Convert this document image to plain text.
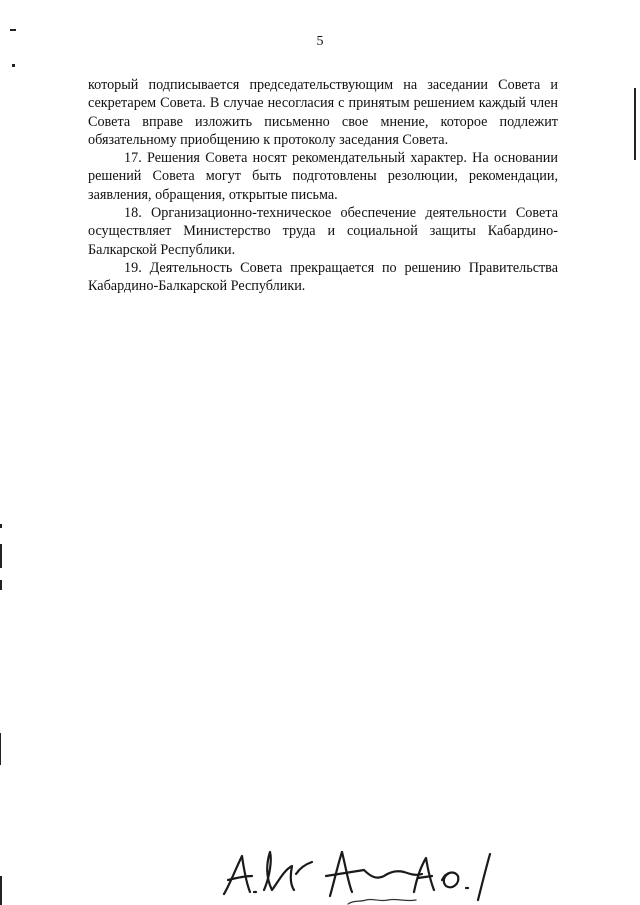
5

который подписывается председательствующим на заседании Совета и секретарем Совета. В случае несогласия с принятым решением каждый член Совета вправе изложить письменно свое мнение, которое подлежит обязательному приобщению к протоколу заседания Совета.

17. Решения Совета носят рекомендательный характер. На основании решений Совета могут быть подготовлены резолюции, рекомендации, заявления, обращения, открытые письма.

18. Организационно-техническое обеспечение деятельности Совета осуществляет Министерство труда и социальной защиты Кабардино-Балкарской Республики.

19. Деятельность Совета прекращается по решению Правительства Кабардино-Балкарской Республики.
